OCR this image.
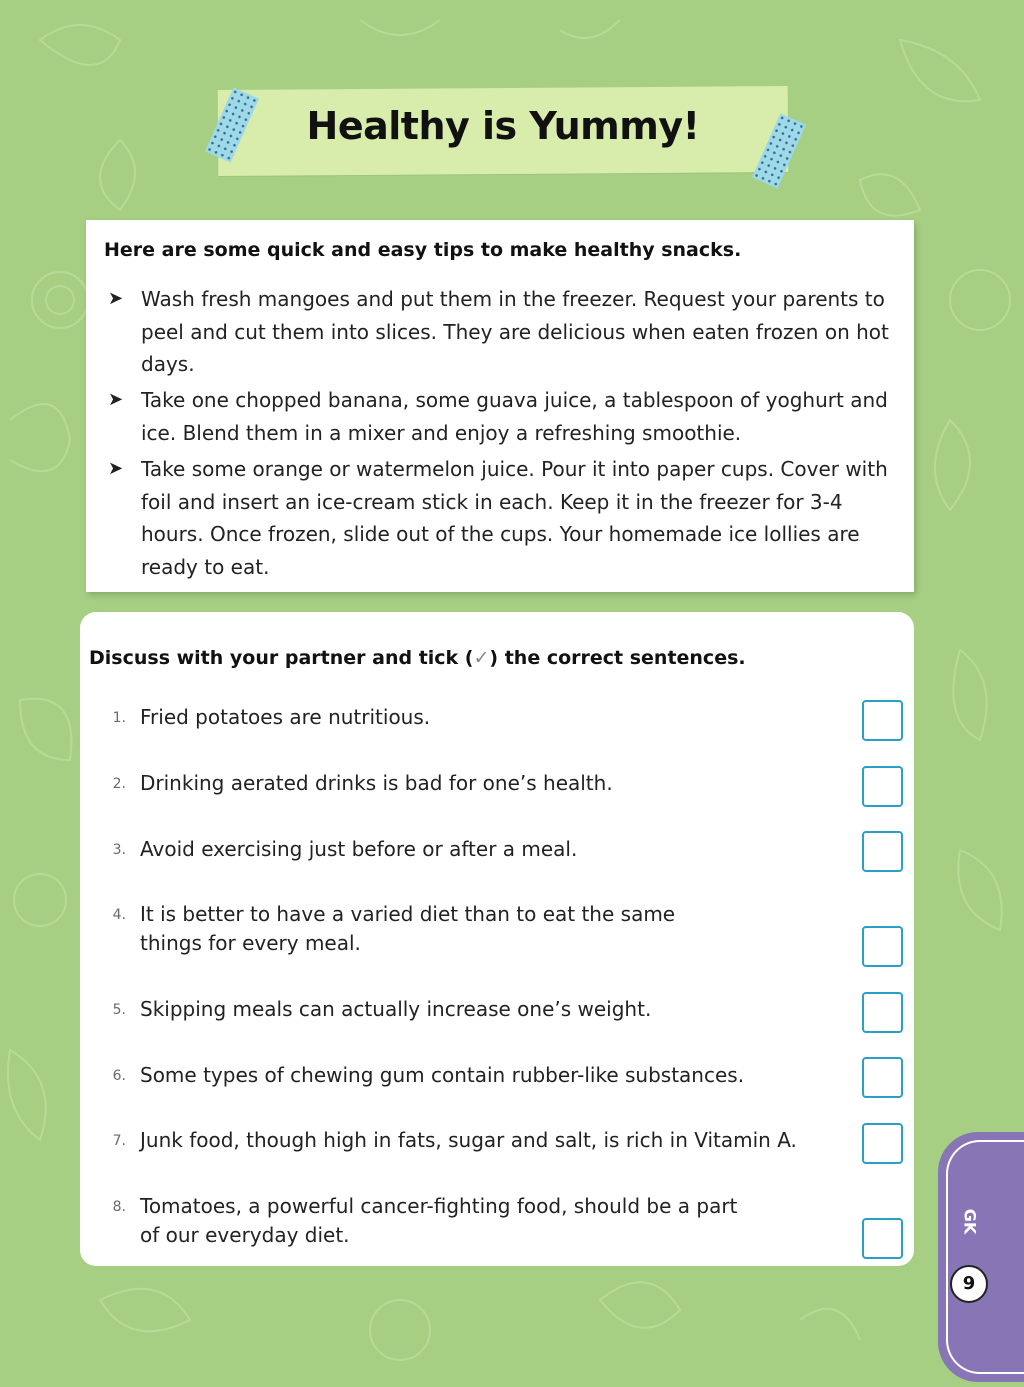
Healthy is Yummy!
Here are some quick and easy tips to make healthy snacks.
➤ Wash fresh mangoes and put them in the freezer. Request your parents to peel and cut them into slices. They are delicious when eaten frozen on hot days.
➤ Take one chopped banana, some guava juice, a tablespoon of yoghurt and ice. Blend them in a mixer and enjoy a refreshing smoothie.
➤ Take some orange or watermelon juice. Pour it into paper cups. Cover with foil and insert an ice-cream stick in each. Keep it in the freezer for 3-4 hours. Once frozen, slide out of the cups. Your homemade ice lollies are ready to eat.
Discuss with your partner and tick (✓) the correct sentences.
1. Fried potatoes are nutritious.
2. Drinking aerated drinks is bad for one’s health.
3. Avoid exercising just before or after a meal.
4. It is better to have a varied diet than to eat the same
things for every meal.
5. Skipping meals can actually increase one’s weight.
6. Some types of chewing gum contain rubber-like substances.
7. Junk food, though high in fats, sugar and salt, is rich in Vitamin A.
8. Tomatoes, a powerful cancer-fighting food, should be a part
of our everyday diet.
GK
9
